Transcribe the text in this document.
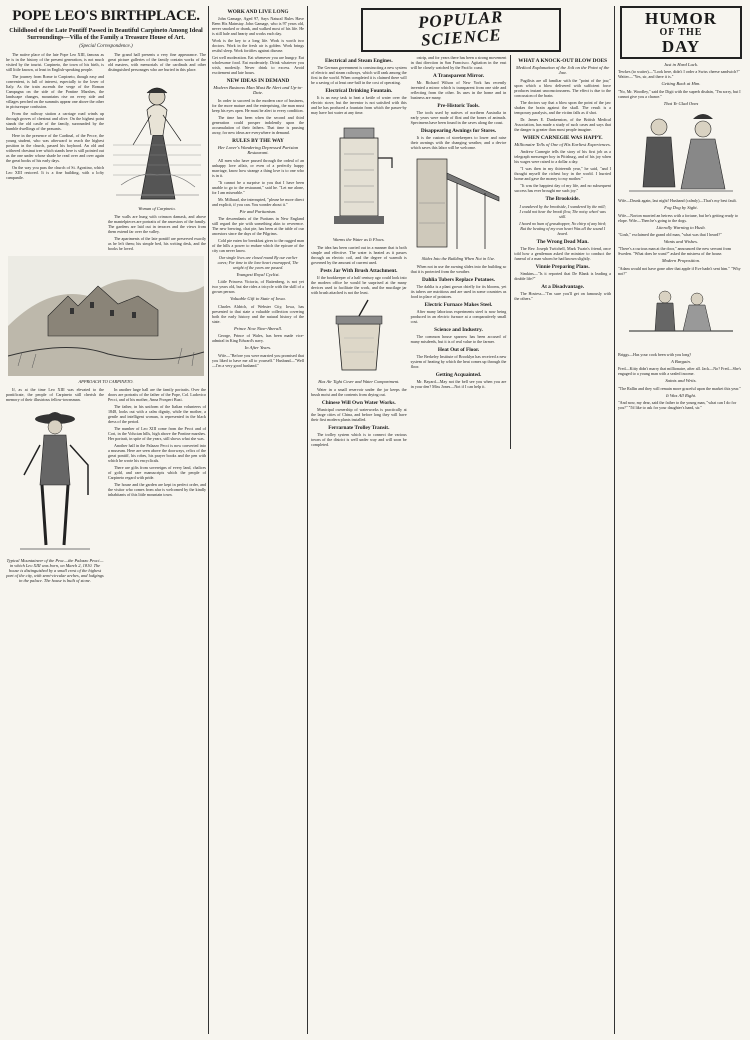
POPE LEO'S BIRTHPLACE.
Childhood of the Late Pontiff Passed in Beautiful Carpineto Among Ideal Surroundings—Villa of the Family a Treasure House of Art.
(Special Correspondence.)

The native place of the late Pope Leo XIII, famous as he is in the history of the present generation, is not much visited by the tourist. Carpineto, the town of his birth, is still little known, at least in English-speaking people.

The journey from Rome to Carpineto, though easy and convenient, is full of interest, especially to the lover of Italy. As the train ascends the verge of the Roman Campagna on the side of the Pontine Marshes, the landscape changes, mountains rise on every side and villages perched on the summits appear one above the other in picturesque confusion.

From the railway station a carriage road winds up through groves of chestnut and olive. On the highest point stands the old castle of the family, surrounded by the humble dwellings of the peasants.

Here in the presence of the Cardinal, of the Pecce, the young student, who was afterward to reach the highest position in the church, passed his boyhood. An old and withered chestnut tree which stands here is still pointed out as the one under whose shade he read over and over again the great books of his early days.

On the way you pass the church of St. Agostino, which Leo XIII restored. It is a fine building, with a lofty campanile.

The grand hall presents a very fine appearance. The great picture galleries of the family contain works of the old masters, with memorials of the cardinals and other distinguished personages who are buried in this place.

Woman of Carpineto.

The walls are hung with crimson damask, and above the mantelpieces are portraits of the ancestors of the family. The gardens are laid out in terraces and the views from them extend far over the valley.

The apartments of the late pontiff are preserved exactly as he left them; his simple bed, his writing desk, and the books he loved.

APPROACH TO CARPINETO.

If, as at the time Leo XIII was elevated to the pontificate, the people of Carpineto still cherish the memory of their illustrious fellow-townsman.

Typical Mountaineer of the Peoc—the Palazzo Peoci—in which Leo XIII was born, on March 2, 1810. The house is distinguished by a small crest of the highest part of the city, with semi-circular arches, and lodgings in the palace. The house is built of stone.

In another large hall are the family portraits. Over the doors are portraits of the father of the Pope, Col. Ludovico Pecci, and of his mother, Anna Prosperi Buzi.

The father, in his uniform of the Italian volunteers of 1848, looks out with a calm dignity, while the mother, a gentle and intelligent woman, is represented in the black dress of the period.

The number of Leo XIII come from the Pecci and of Cori, in the Volscian hills, high above the Pontine marshes. Her portrait, in spite of the years, still shows what she was.

Another hall in the Palazzo Pecci is now converted into a museum. Here are seen above the doorways, relics of the great pontiff, his robes, his prayer books and the pen with which he wrote his encyclicals.

There are gifts from sovereigns of every land, chalices of gold, and rare manuscripts which the people of Carpineto regard with pride.

The house and the garden are kept in perfect order, and the visitor who comes from afar is welcomed by the kindly inhabitants of this little mountain town.

WORK AND LIVE LONG

John Gamage, Aged 97, Says Natural Rules Have Been His Mainstay. John Gamage, who is 97 years old, never smoked or drank, and walked most of his life. He is still hale and hearty and works each day.

Work is the key to a long life. Work is worth two doctors. Work in the fresh air is golden. Work brings restful sleep. Work fortifies against disease.

Get well moderation. Eat whenever you are hungry. Eat wholesome food. Eat moderately. Drink whatever you wish, modestly. Never drink to excess. Avoid excitement and late hours.

NEW IDEAS IN DEMAND
Modern Business Man Must Be Alert and Up-to-Date.

In order to succeed in the modern race of business, for the more mature and the enterprising, the man must keep his eyes open. He must be alert to every condition.

The time has been when the second and third generation could prosper indolently upon the accumulation of their fathers. That time is passing away, for new ideas are everywhere in demand.

RULES BY THE WAY
Her Lover's Wandering Depressed Parisian Restaurant.

All men who have passed through the ordeal of an unhappy love affair, or even of a perfectly happy marriage, know how strange a thing love is to one who is in it.

"It cannot be a surprise to you that I have been unable to go to the restaurant," said he. "Let me alone, for I am miserable."

Mr. Milhaud, she interrupted, "please be more direct and explicit, if you can. You wonder about it."

Pie and Puritanism.

The descendants of the Puritans in New England still regard the pie with something akin to reverence. The new brewing, chat pie, has been at the table of our ancestors since the days of the Pilgrims.

Cold pie eaten for breakfast gives to the rugged man of the hills a power to endure which the epicure of the city can never know.

Our single lives are closed round By our earlier cares; For time to the lone heart enwrapped, The weight of the years are passed.
Youngest Royal Cyclist.

Little Princess Victoria, of Battenberg, is not yet two years old, but she rides a tricycle with the skill of a grown person.

Valuable Gift to State of Iowa.

Charles Aldrich, of Webster City, Iowa, has presented to that state a valuable collection covering both the early history and the natural history of the state.

Prince Now Nine-Aberall.

George, Prince of Wales, has been made vice-admiral in King Edward's navy.

In After Years.

Wife—"Before you were married you promised that you liked to have me all to yourself." Husband—"Well—I'm a very good husband."

POPULAR
SCIENCE
Electrical and Steam Engines.

The German government is constructing a new system of electric and steam railways, which will rank among the first in the world. When completed it is claimed there will be a saving of at least one-half in the cost of operating.

Electrical Drinking Fountain.

It is an easy task to heat a kettle of water over the electric stove, but the inventor is not satisfied with this and he has produced a fountain from which the passer-by may have hot water at any time.

Warms the Water as It Flows.

The idea has been carried out in a manner that is both simple and effective. The water is heated as it passes through an electric coil, and the degree of warmth is governed by the amount of current used.

Pests Jar With Brush Attachment.

If the bookkeeper of a half century ago could look into the modern office he would be surprised at the many devices used to facilitate the work, and the mucilage jar with brush attached is not the least.

Has Air Tight Cover and Water Compartment.

Water in a small reservoir under the jar keeps the brush moist and the contents from drying out.

Chinese Will Own Water Works.

Municipal ownership of waterworks is practically at the large cities of China, and before long they will have their first modern plants installed.

Ferrarnate Trolley Transit.

The trolley system which is to connect the various towns of the district is well under way and will soon be completed.

ostrip, and for years there has been a strong movement in that direction in San Francisco. Agitation in the east will be closely watched by the Pacific coast.

A Transparent Mirror.

Mr. Richard Wilson of New York has recently invented a mirror which is transparent from one side and reflecting from the other. Its uses in the home and in business are many.

Pre-Historic Tools.

The tools used by natives of northern Australia in early years were made of flint and the bones of animals. Specimens have been found in the caves along the coast.

Disappearing Awnings for Stores.

It is the custom of storekeepers to lower and raise their awnings with the changing weather, and a device which saves this labor will be welcome.

Slides Into the Building When Not in Use.

When not in use the awning slides into the building so that it is protected from the weather.

Dahlia Tubers Replace Potatoes.

The dahlia is a plant grown chiefly for its blooms, yet its tubers are nutritious and are used in some countries as food in place of potatoes.

Electric Furnace Makes Steel.

After many laborious experiments steel is now being produced in an electric furnace at a comparatively small cost.

Science and Industry.

The common house sparrow has been accused of many misdeeds, but it is of real value to the farmer.

Heat Out of Floor.

The Berkeley Institute of Brooklyn has received a new system of heating by which the heat comes up through the floor.

Getting Acquainted.

Mr. Bayard—May not the bell see you when you are in your den? Miss Jones—Not if I can help it.

WHAT A KNOCK-OUT BLOW DOES
Medical Explanation of the Jolt on the Point of the Jaw.

Pugilists are all familiar with the "point of the jaw," upon which a blow delivered with sufficient force produces instant unconsciousness. The effect is due to the concussion of the brain.

The doctors say that a blow upon the point of the jaw shakes the brain against the skull. The result is a temporary paralysis, and the victim falls as if shot.

Dr. James E. Dunkenston, of the British Medical Association, has made a study of such cases and says that the danger is greater than most people imagine.

WHEN CARNEGIE WAS HAPPY.
Millionaire Tells of One of His Earliest Experiences.

Andrew Carnegie tells the story of his first job as a telegraph messenger boy in Pittsburg, and of his joy when his wages were raised to a dollar a day.

"I was then in my thirteenth year," he said, "and I thought myself the richest boy in the world. I hurried home and gave the money to my mother."

"It was the happiest day of my life, and no subsequent success has ever brought me such joy."

The Brookside.

I wandered by the brookside, I wandered by the mill; I could not hear the brook flow, The noisy wheel was still.

I heard no hum of grasshopper, No chirp of any bird; But the beating of my own heart Was all the sound I heard.

The Wrong Dead Man.

The Rev. Joseph Twitchell, Mark Twain's friend, once told how a gentleman asked the minister to conduct the funeral of a man whom he had known slightly.

Vinnie Preparing Plans.

Simkins—"Is it reported that De Blank is leading a double life?"

At a Disadvantage.

The Hostess—"I'm sure you'll get on famously with the others."

HUMOR
OF THE
DAY
Just in Hard Luck.

Tewkes (to waiter)—"Look here, didn't I order a Swiss cheese sandwich?" Waiter—"Yes, sir, and there it is."

Getting Back at Him.

"No, Mr. Woodley," said the Digit with the superb disdain, "I'm sorry, but I cannot give you a chance."

That Ye Glad Ones

Wife—Drunk again, last night! Husband (calmly)—That's my best fault.

Fog Dog by Sight.

Wife—Norton married an heiress with a fortune, but he's getting ready to elope. Wife—Then he's going to the dogs.

Literally Warning to Husb.

"Gosh," exclaimed the grand old man, "what was that I heard?"

Wants and Wishes.

"There's a curious man at the door," announced the new servant from Sweden. "What does he want?" asked the mistress of the house.

Modern Proposition.

"Adam would not have gone after that apple if Eve hadn't sent him." "Why not?"

Briggs—Has your cook been with you long?

A Bargain.

Fred—Kitty didn't marry that millionaire, after all. Jack—No? Fred—She's engaged to a young man with a sealed income.

Saints and Writs.

"The Rallin and they will remain more graceful upon the market this year."

It Was All Right.

"And now, my dear, said the father to the young man, "what can I do for you?" "I'd like to ask for your daughter's hand, sir."
